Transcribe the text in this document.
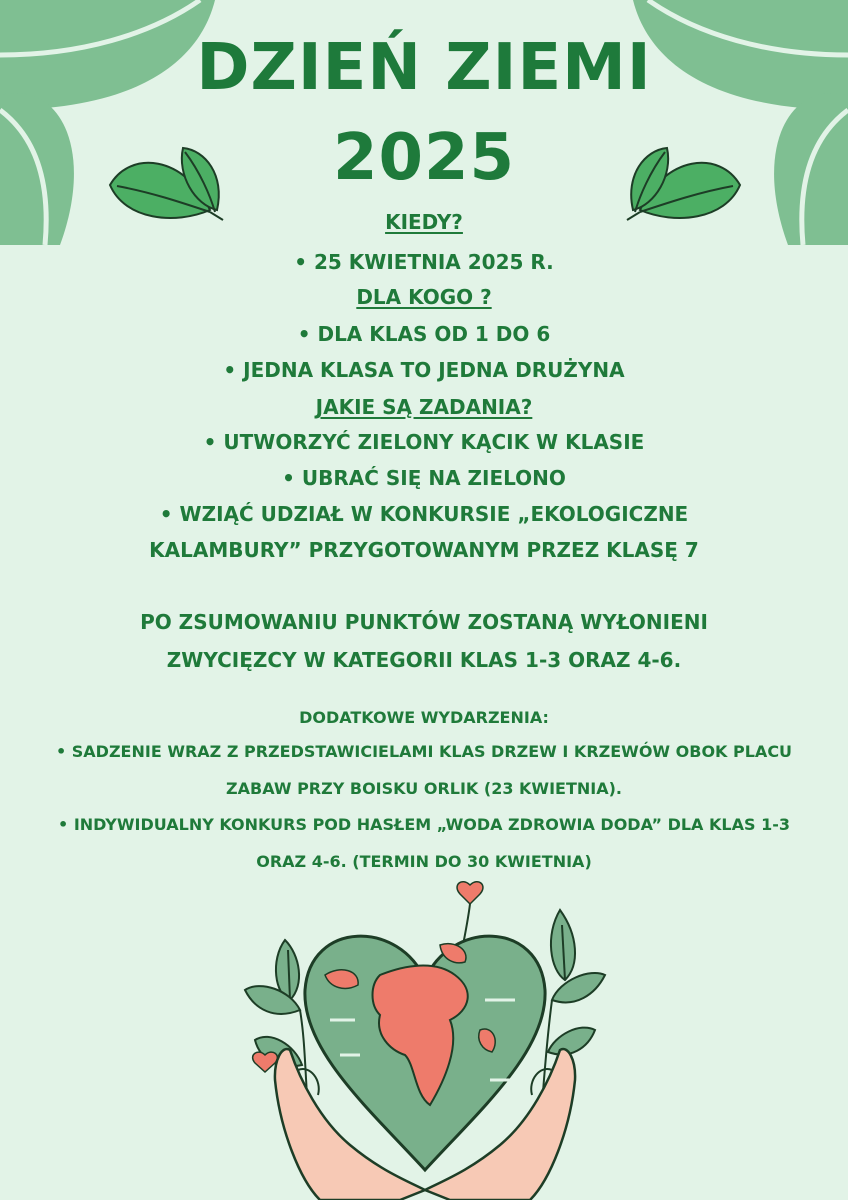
DZIEŃ ZIEMI
2025

KIEDY?

• 25 KWIETNIA 2025 R.

DLA KOGO ?

• DLA KLAS OD 1 DO 6

• JEDNA KLASA TO JEDNA DRUŻYNA

JAKIE SĄ ZADANIA?

• UTWORZYĆ ZIELONY KĄCIK W KLASIE

• UBRAĆ SIĘ NA ZIELONO

• WZIĄĆ UDZIAŁ W KONKURSIE „EKOLOGICZNE

KALAMBURY” PRZYGOTOWANYM PRZEZ KLASĘ 7

PO ZSUMOWANIU PUNKTÓW ZOSTANĄ WYŁONIENI

ZWYCIĘZCY W KATEGORII KLAS 1-3 ORAZ 4-6.

DODATKOWE WYDARZENIA:

• SADZENIE WRAZ Z PRZEDSTAWICIELAMI KLAS DRZEW I KRZEWÓW OBOK PLACU

ZABAW PRZY BOISKU ORLIK (23 KWIETNIA).

• INDYWIDUALNY KONKURS POD HASŁEM „WODA ZDROWIA DODA” DLA KLAS 1-3

ORAZ 4-6. (TERMIN DO 30 KWIETNIA)
